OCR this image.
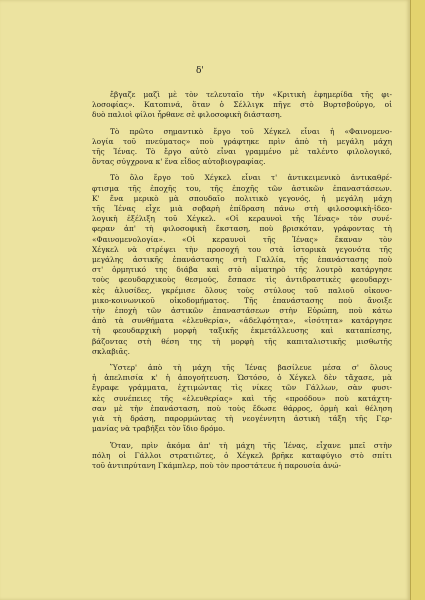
δ'
ἔβγαζε μαζὶ μὲ τὸν τελευταῖο τὴν «Κριτικὴ ἐφημερίδα τῆς φι-
λοσοφίας». Κατοπινά, ὅταν ὁ Σέλλιγκ πῆγε στὸ Βυρτσβούργο, οἱ
δυὸ παλιοὶ φίλοι ἦρθανε σὲ φιλοσοφικὴ διάσταση.
Τὸ πρῶτο σημαντικὸ ἔργο τοῦ Χέγκελ εἶναι ἡ «Φαινομενο-
λογία τοῦ πνεύματος» ποὺ γράφτηκε πρὶν ἀπὸ τὴ μεγάλη μάχη
τῆς Ἰένας. Τὸ ἔργο αὐτὸ εἶναι γραμμένο μὲ ταλέντο φιλολογικό,
ὄντας σύγχρονα κ' ἕνα εἶδος αὐτοβιογραφίας.
Τὸ ὅλο ἔργο τοῦ Χέγκελ εἶναι τ' ἀντικειμενικὸ ἀντικαθρέ-
φτισμα τῆς ἐποχῆς του, τῆς ἐποχῆς τῶν ἀστικῶν ἐπαναστάσεων.
Κ' ἕνα μερικὸ μὰ σπουδαῖο πολιτικὸ γεγονός, ἡ μεγάλη μάχη
τῆς Ἰένας εἶχε μιὰ σοβαρὴ ἐπίδραση πάνω στὴ φιλοσοφικὴ-ἰδεο-
λογικὴ ἐξέλιξη τοῦ Χέγκελ. «Οἱ κεραυνοὶ τῆς Ἰένας» τὸν συνέ-
φεραν ἀπ' τὴ φιλοσοφικὴ ἔκσταση, ποὺ βρισκόταν, γράφοντας τὴ
«Φαινομενολογία». «Οἱ κεραυνοὶ τῆς Ἰένας» ἔκαναν τὸν
Χέγκελ νὰ στρέψει τὴν προσοχή του στὰ ἱστορικὰ γεγονότα τῆς
μεγάλης ἀστικῆς ἐπανάστασης στὴ Γαλλία, τῆς ἐπανάστασης ποὺ
στ' ὁρμητικό της διάβα καὶ στὸ αἱματηρὸ τῆς λουτρὸ κατάργησε
τοὺς φεουδαρχικοὺς θεσμούς, ἔσπασε τὶς ἀντιδραστικὲς φεουδαρχι-
κὲς ἁλυσίδες, γκρέμισε ὅλους τοὺς στύλους τοῦ παλιοῦ οἰκονο-
μικο-κοινωνικοῦ οἰκοδομήματος. Τῆς ἐπανάστασης ποὺ ἄνοιξε
τὴν ἐποχὴ τῶν ἀστικῶν ἐπαναστάσεων στὴν Εὐρώπη, ποὺ κάτω
ἀπὸ τὰ συνθήματα «ἐλευθερία», «ἀδελφότητα», «ἰσότητα» κατάργησε
τὴ φεουδαρχικὴ μορφὴ ταξικῆς ἐκμετάλλευσης καὶ καταπίεσης,
βάζοντας στὴ θέση της τὴ μορφὴ τῆς καπιταλιστικῆς μισθωτῆς
σκλαβιᾶς.
Ὕστερ' ἀπὸ τὴ μάχη τῆς Ἰένας βασίλευε μέσα σ' ὅλους
ἡ ἀπελπισία κ' ἡ ἀπογοήτευση. Ὡστόσο, ὁ Χέγκελ δὲν τἄχασε, μὰ
ἔγραφε γράμματα, ἐχτιμώντας τὶς νίκες τῶν Γάλλων, σὰν φυσι-
κὲς συνέπειες τῆς «ἐλευθερίας» καὶ τῆς «προόδου» ποὺ κατάχτη-
σαν μὲ τὴν ἐπανάσταση, ποὺ τοὺς ἔδωσε θάρρος, ὁρμὴ καὶ θέληση
γιὰ τὴ δράση, παρορμώντας τὴ νεογέννητη ἀστικὴ τάξη τῆς Γερ-
μανίας νὰ τραβήξει τὸν ἴδιο δρόμο.
Ὅταν, πρὶν ἀκόμα ἀπ' τὴ μάχη τῆς Ἰένας, εἶχανε μπεῖ στὴν
πόλη οἱ Γάλλοι στρατιῶτες, ὁ Χέγκελ βρῆκε καταφύγιο στὸ σπίτι
τοῦ ἀντιπρύτανη Γκάμπλερ, ποὺ τὸν προστάτευε ἡ παρουσία ἀνώ-
